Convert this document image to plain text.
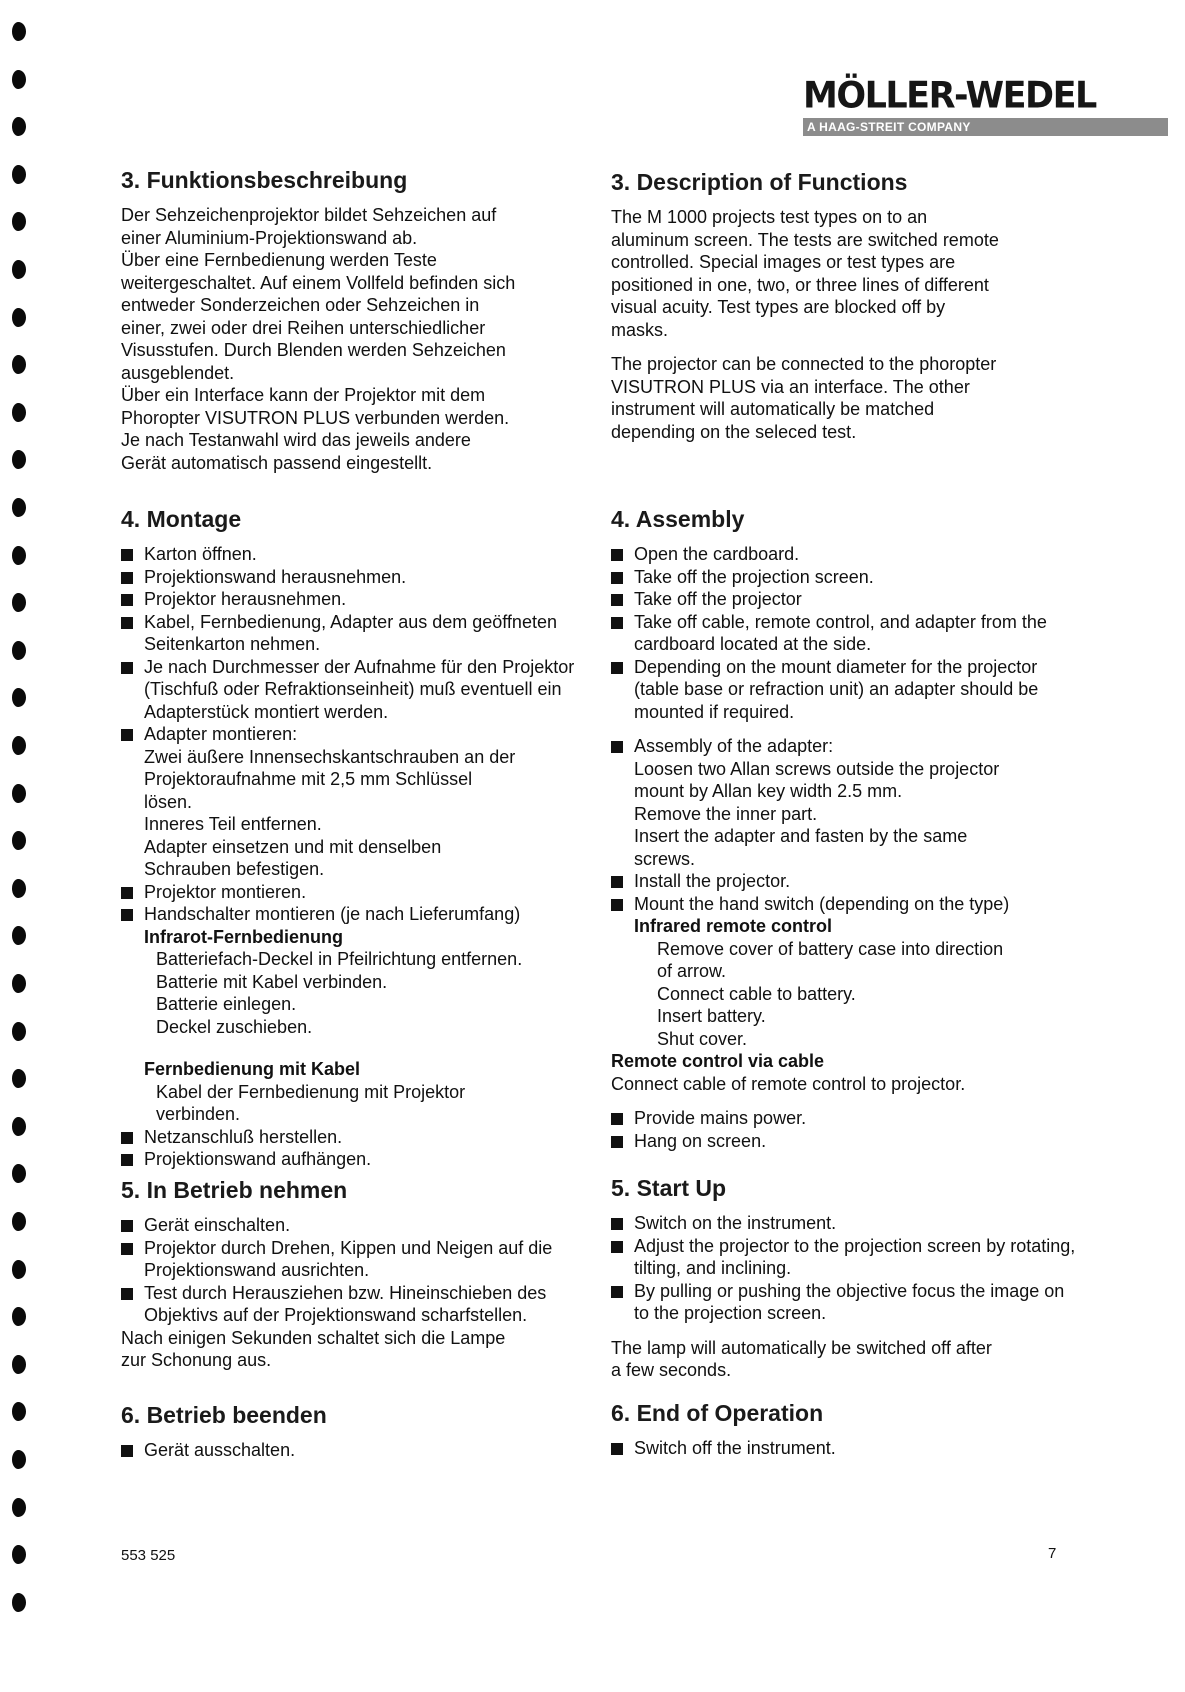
MÖLLER-WEDEL
A HAAG-STREIT COMPANY
3. Funktionsbeschreibung
Der Sehzeichenprojektor bildet Sehzeichen auf
einer Aluminium-Projektionswand ab.
Über eine Fernbedienung werden Teste
weitergeschaltet. Auf einem Vollfeld befinden sich
entweder Sonderzeichen oder Sehzeichen in
einer, zwei oder drei Reihen unterschiedlicher
Visusstufen. Durch Blenden werden Sehzeichen
ausgeblendet.
Über ein Interface kann der Projektor mit dem
Phoropter VISUTRON PLUS verbunden werden.
Je nach Testanwahl wird das jeweils andere
Gerät automatisch passend eingestellt.
4. Montage
Karton öffnen.
Projektionswand herausnehmen.
Projektor herausnehmen.
Kabel, Fernbedienung, Adapter aus dem geöffneten Seitenkarton nehmen.
Je nach Durchmesser der Aufnahme für den Projektor (Tischfuß oder Refraktionseinheit) muß eventuell ein Adapterstück montiert werden.
Adapter montieren:
Zwei äußere Innensechskantschrauben an der
Projektoraufnahme mit 2,5 mm Schlüssel
lösen.
Inneres Teil entfernen.
Adapter einsetzen und mit denselben
Schrauben befestigen.
Projektor montieren.
Handschalter montieren (je nach Lieferumfang)
Infrarot-Fernbedienung
Batteriefach-Deckel in Pfeilrichtung entfernen.
Batterie mit Kabel verbinden.
Batterie einlegen.
Deckel zuschieben.
Fernbedienung mit Kabel
Kabel der Fernbedienung mit Projektor
verbinden.
Netzanschluß herstellen.
Projektionswand aufhängen.
5. In Betrieb nehmen
Gerät einschalten.
Projektor durch Drehen, Kippen und Neigen auf die Projektionswand ausrichten.
Test durch Herausziehen bzw. Hineinschieben des Objektivs auf der Projektionswand scharfstellen.
Nach einigen Sekunden schaltet sich die Lampe
zur Schonung aus.
6. Betrieb beenden
Gerät ausschalten.
3. Description of Functions
The M 1000 projects test types on to an
aluminum screen. The tests are switched remote
controlled. Special images or test types are
positioned in one, two, or three lines of different
visual acuity. Test types are blocked off by
masks.
The projector can be connected to the phoropter
VISUTRON PLUS via an interface. The other
instrument will automatically be matched
depending on the seleced test.
4. Assembly
Open the cardboard.
Take off the projection screen.
Take off the projector
Take off cable, remote control, and adapter from the cardboard located at the side.
Depending on the mount diameter for the projector (table base or refraction unit) an adapter should be mounted if required.
Assembly of the adapter:
Loosen two Allan screws outside the projector
mount by Allan key width 2.5 mm.
Remove the inner part.
Insert the adapter and fasten by the same
screws.
Install the projector.
Mount the hand switch (depending on the type)
Infrared remote control
Remove cover of battery case into direction
of arrow.
Connect cable to battery.
Insert battery.
Shut cover.
Remote control via cable
Connect cable of remote control to projector.
Provide mains power.
Hang on screen.
5. Start Up
Switch on the instrument.
Adjust the projector to the projection screen by rotating, tilting, and inclining.
By pulling or pushing the objective focus the image on to the projection screen.
The lamp will automatically be switched off after
a few seconds.
6. End of Operation
Switch off the instrument.
553 525	7
